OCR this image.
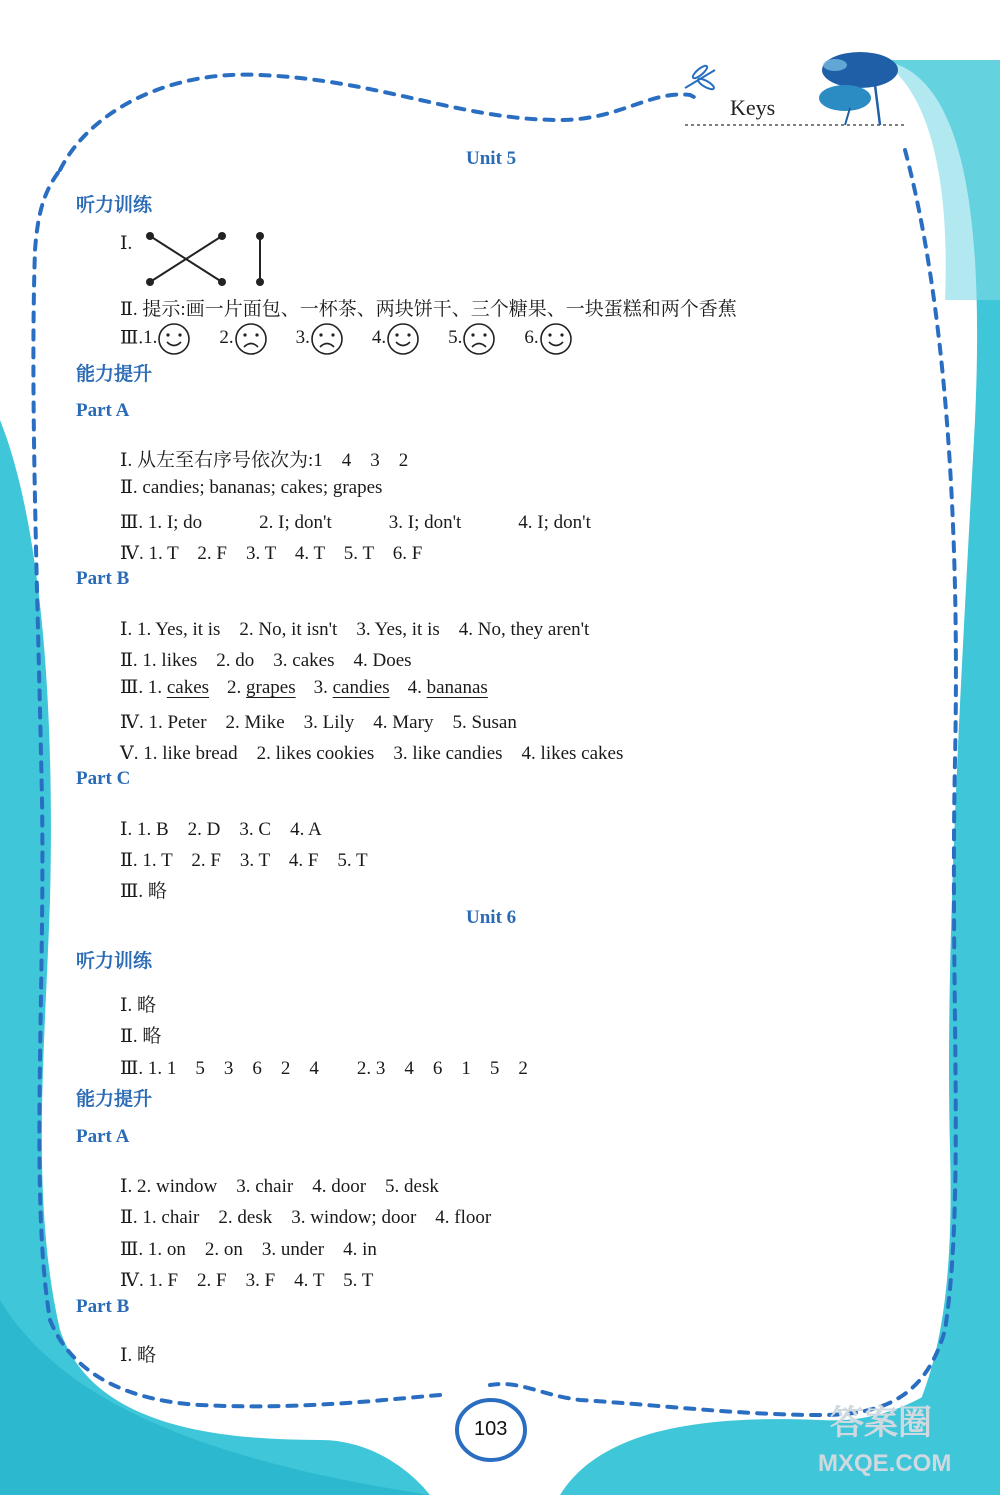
Keys
Unit 5
听力训练
Ⅰ.
Ⅱ. 提示:画一片面包、一杯茶、两块饼干、三个糖果、一块蛋糕和两个香蕉
Ⅲ.1.	2.	3.	4.	5.	6.
能力提升
Part A
Ⅰ. 从左至右序号依次为:1　4　3　2
Ⅱ. candies; bananas; cakes; grapes
Ⅲ. 1. I; do　　　2. I; don't　　　3. I; don't　　　4. I; don't
Ⅳ. 1. T　2. F　3. T　4. T　5. T　6. F
Part B
Ⅰ. 1. Yes, it is　2. No, it isn't　3. Yes, it is　4. No, they aren't
Ⅱ. 1. likes　2. do　3. cakes　4. Does
Ⅲ. 1. cakes 2. grapes 3. candies 4. bananas
Ⅳ. 1. Peter　2. Mike　3. Lily　4. Mary　5. Susan
Ⅴ. 1. like bread　2. likes cookies　3. like candies　4. likes cakes
Part C
Ⅰ. 1. B　2. D　3. C　4. A
Ⅱ. 1. T　2. F　3. T　4. F　5. T
Ⅲ. 略
Unit 6
听力训练
Ⅰ. 略
Ⅱ. 略
Ⅲ. 1. 1　5　3　6　2　4　　2. 3　4　6　1　5　2
能力提升
Part A
Ⅰ. 2. window　3. chair　4. door　5. desk
Ⅱ. 1. chair　2. desk　3. window; door　4. floor
Ⅲ. 1. on　2. on　3. under　4. in
Ⅳ. 1. F　2. F　3. F　4. T　5. T
Part B
Ⅰ. 略
103	答案圈
MXQE.COM
